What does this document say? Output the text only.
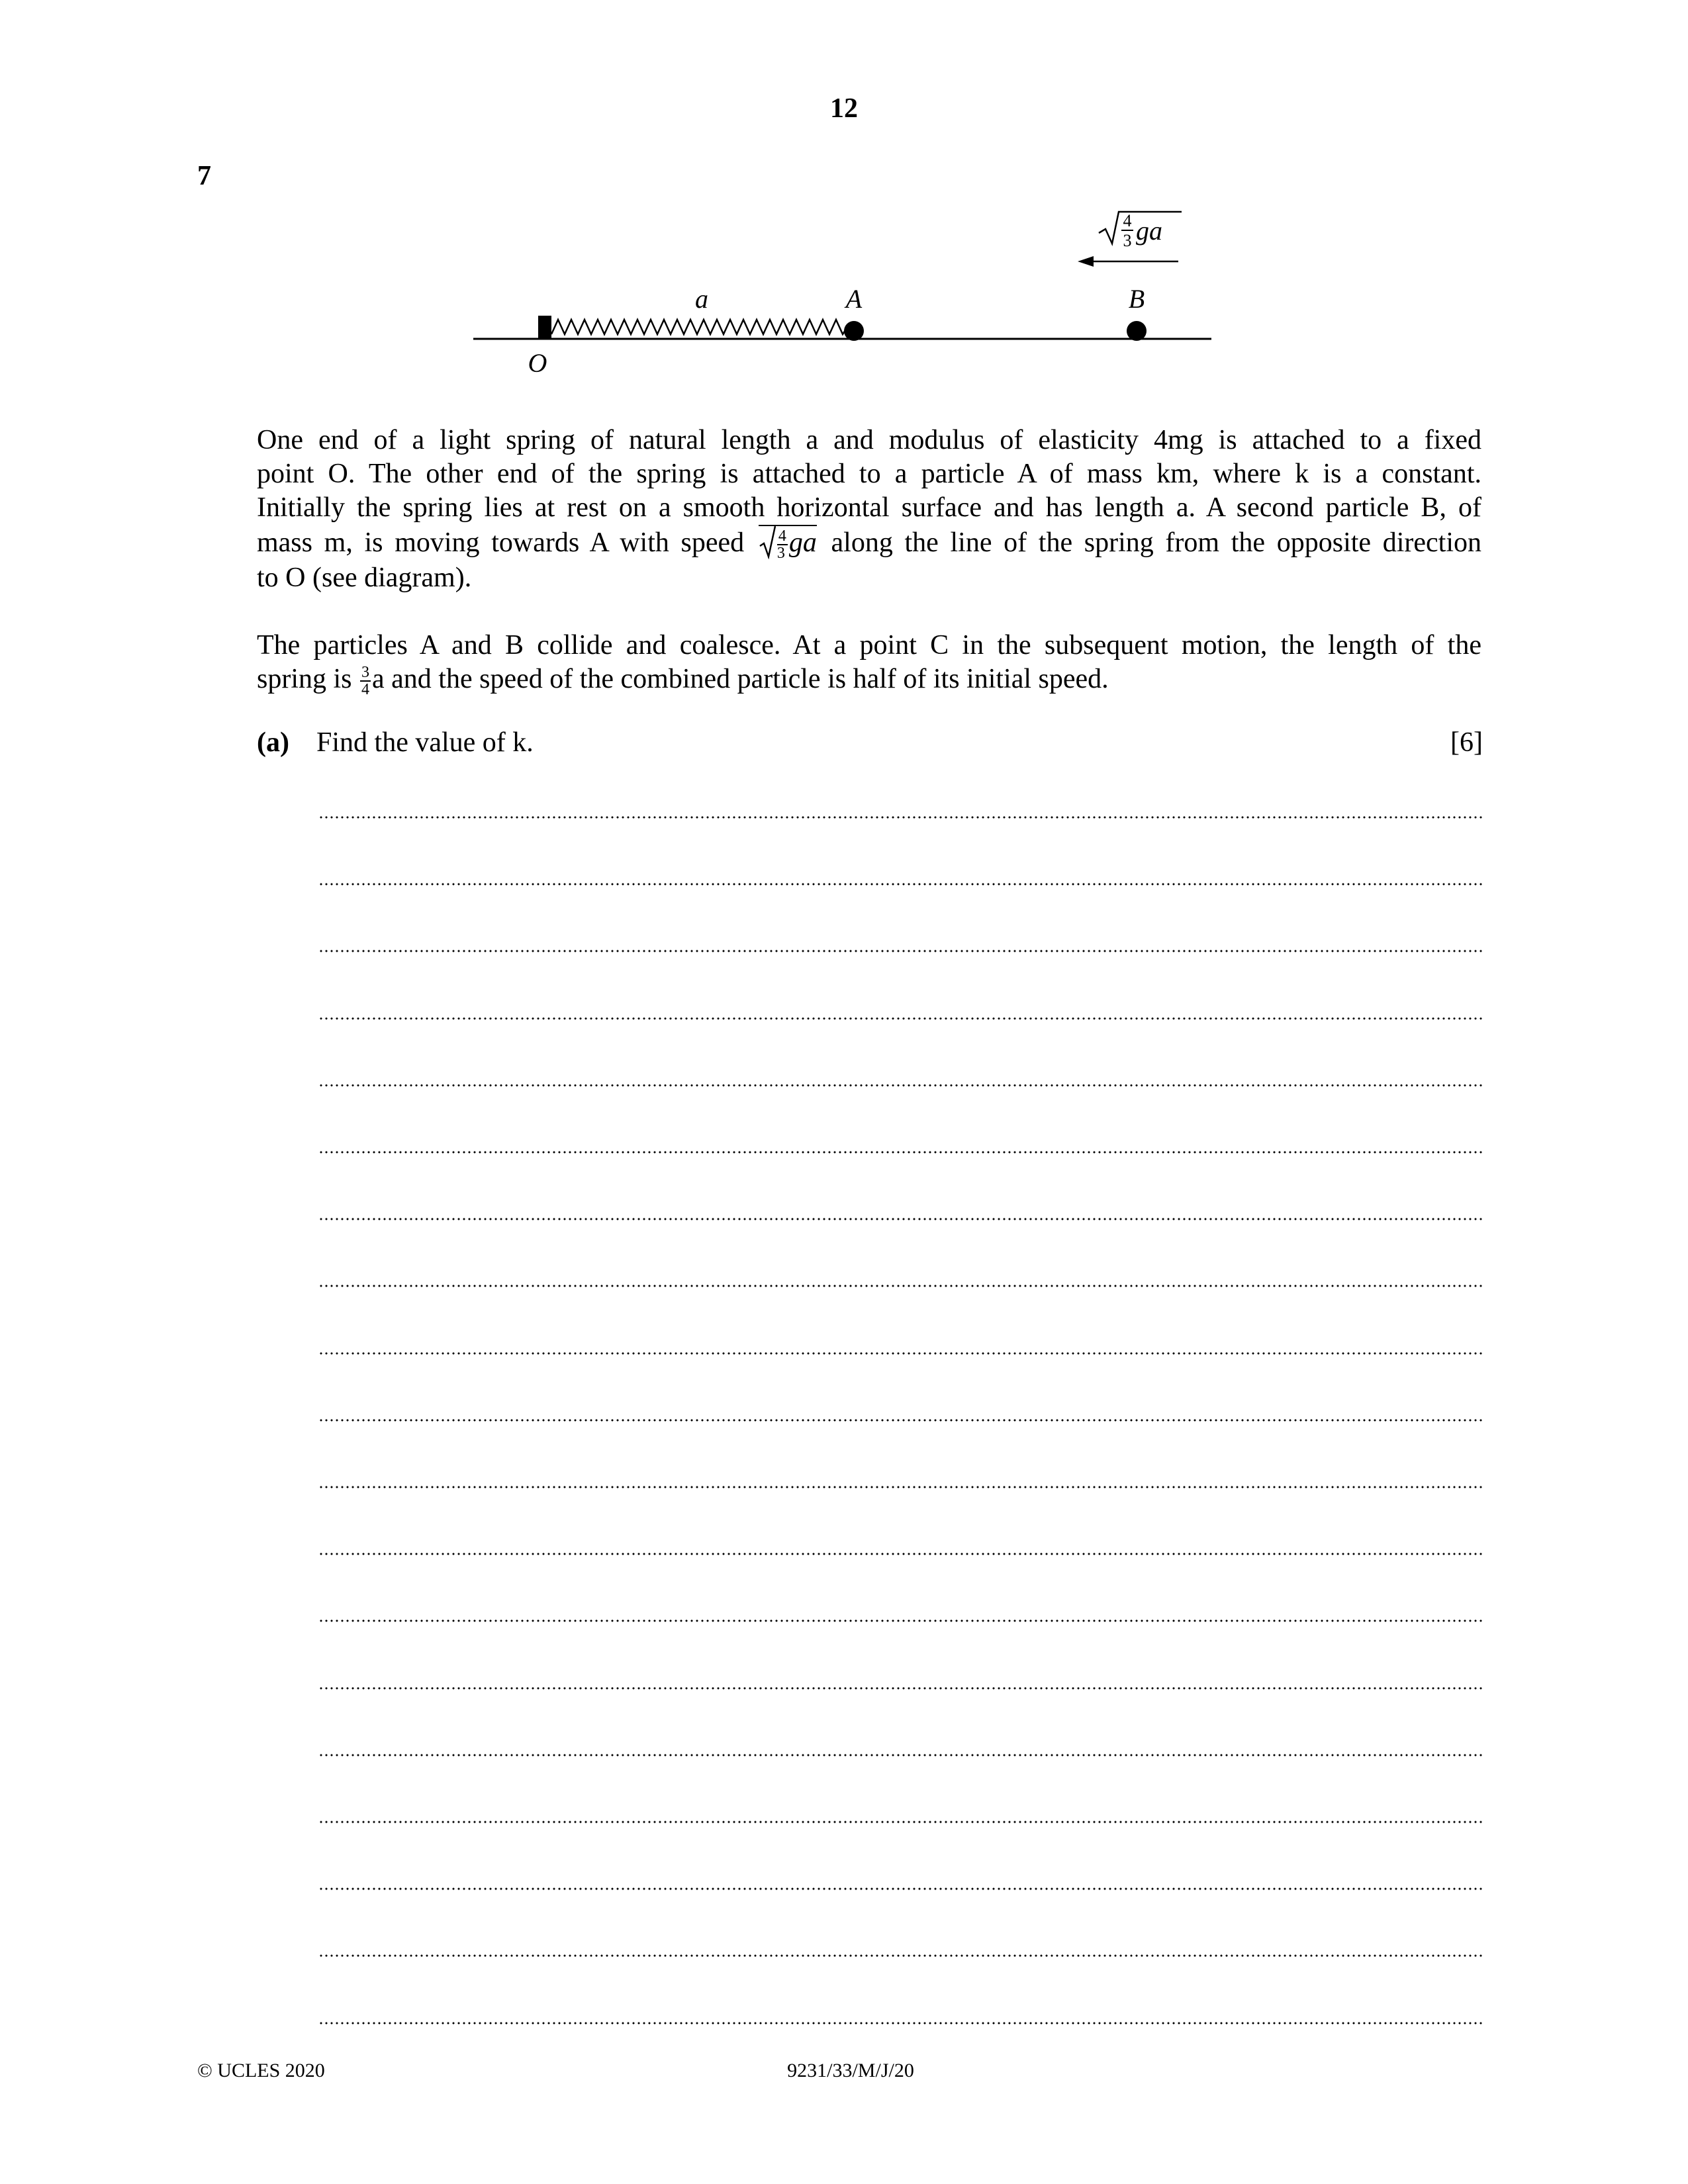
12
7
4
3 ga
a	A	B
O
One end of a light spring of natural length a and modulus of elasticity 4mg is attached to a fixed
point O. The other end of the spring is attached to a particle A of mass km, where k is a constant.
Initially the spring lies at rest on a smooth horizontal surface and has length a. A second particle B, of
mass m, is moving towards A with speed $\frac{4}{3}$ ga along the line of the spring from the opposite direction
to O (see diagram).
The particles A and B collide and coalesce. At a point C in the subsequent motion, the length of the
spring is $\frac{3}{4}$ a and the speed of the combined particle is half of its initial speed.
(a) Find the value of k.	[6]
© UCLES 2020	9231/33/M/J/20
